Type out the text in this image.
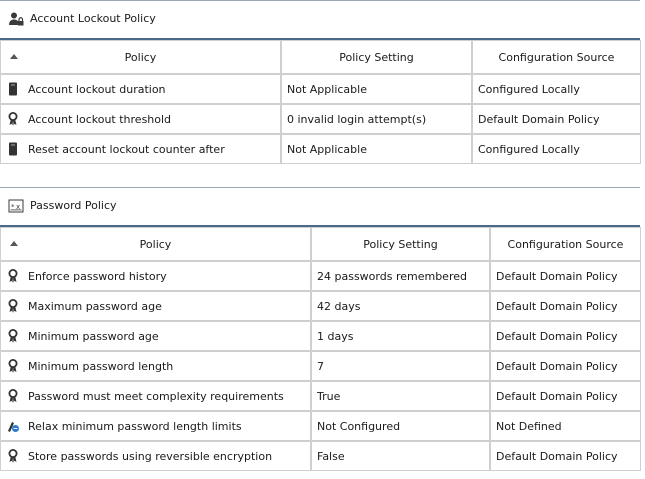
Account Lockout Policy
Policy	Policy Setting	Configuration Source

Account lockout duration	Not Applicable	Configured Locally

Account lockout threshold	0 invalid login attempt(s)	Default Domain Policy

Reset account lockout counter after	Not Applicable	Configured Locally
* x Password Policy
Policy	Policy Setting	Configuration Source

Enforce password history	24 passwords remembered	Default Domain Policy

Maximum password age	42 days	Default Domain Policy

Minimum password age	1 days	Default Domain Policy

Minimum password length	7	Default Domain Policy

Password must meet complexity requirements	True	Default Domain Policy

Relax minimum password length limits	Not Configured	Not Defined

Store passwords using reversible encryption	False	Default Domain Policy
